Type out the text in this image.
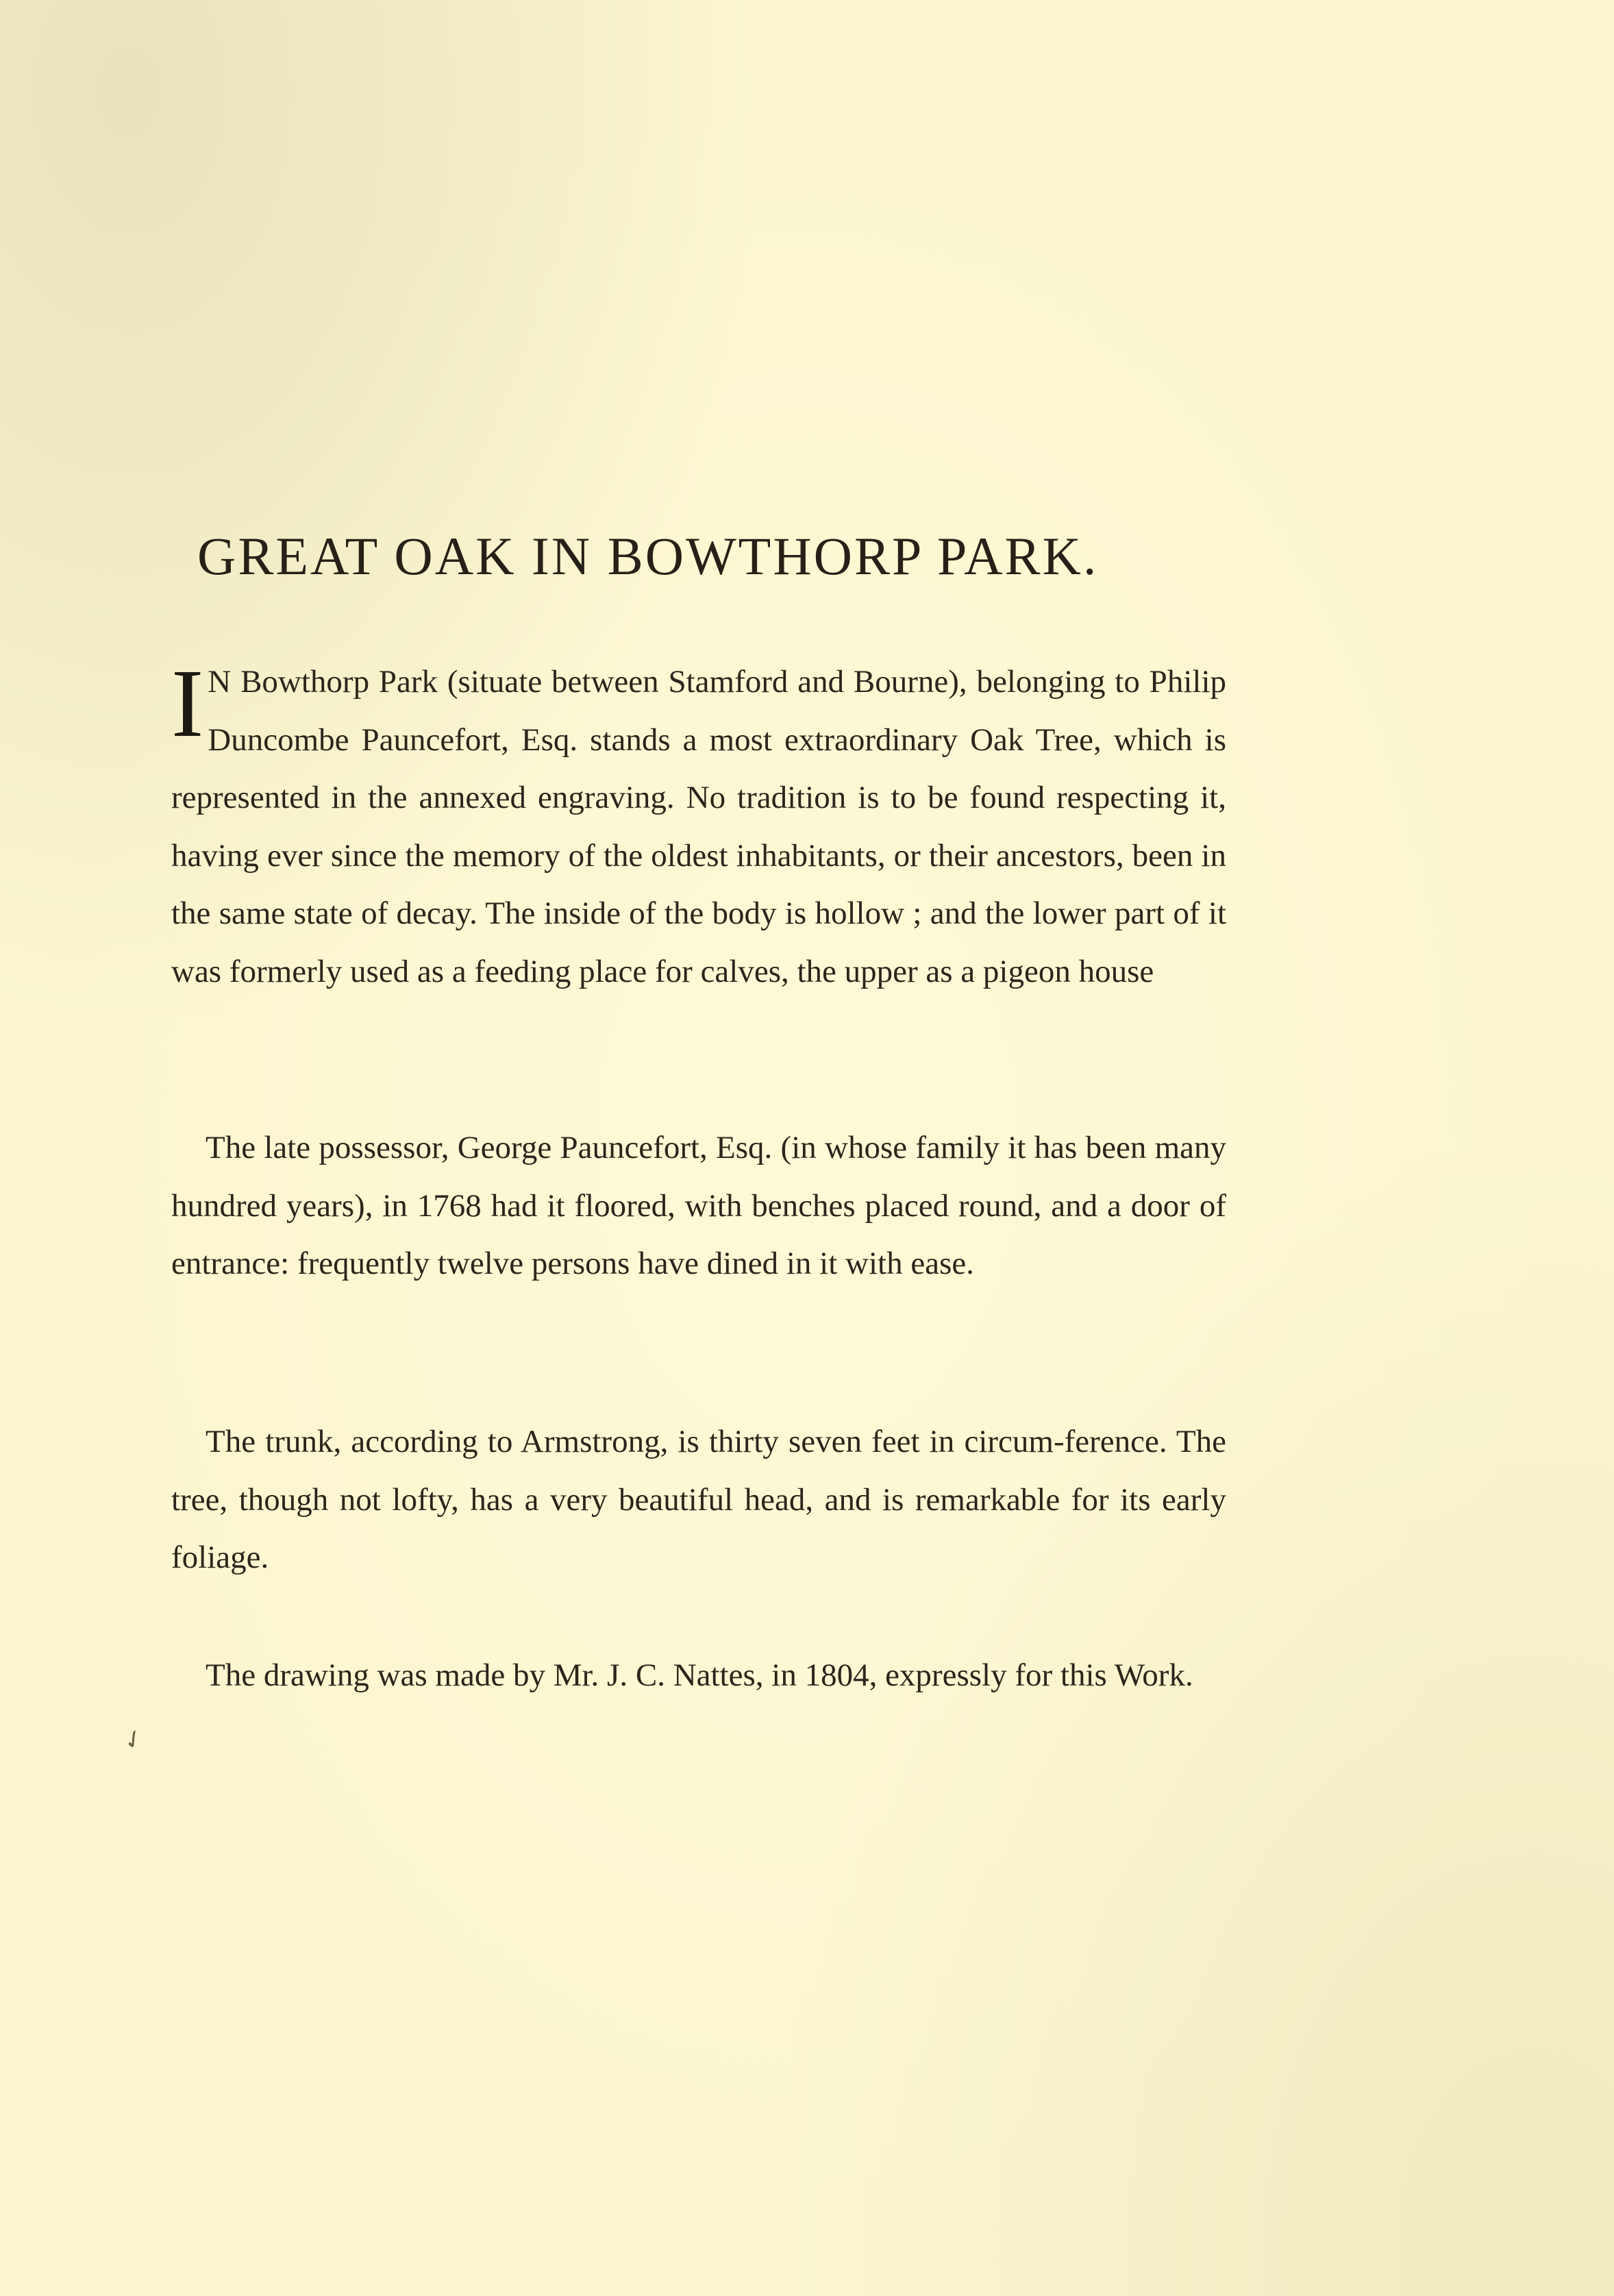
GREAT OAK IN BOWTHORP PARK.

I N Bowthorp Park (situate between Stamford and Bourne), belonging to Philip Duncombe Pauncefort, Esq. stands a most extraordinary Oak Tree, which is represented in the annexed engraving. No tradition is to be found respecting it, having ever since the memory of the oldest inhabitants, or their ancestors, been in the same state of decay. The inside of the body is hollow ; and the lower part of it was formerly used as a feeding place for calves, the upper as a pigeon house

The late possessor, George Pauncefort, Esq. (in whose family it has been many hundred years), in 1768 had it floored, with benches placed round, and a door of entrance: frequently twelve persons have dined in it with ease.

The trunk, according to Armstrong, is thirty seven feet in circum-ference. The tree, though not lofty, has a very beautiful head, and is remarkable for its early foliage.

The drawing was made by Mr. J. C. Nattes, in 1804, expressly for this Work.

✓
